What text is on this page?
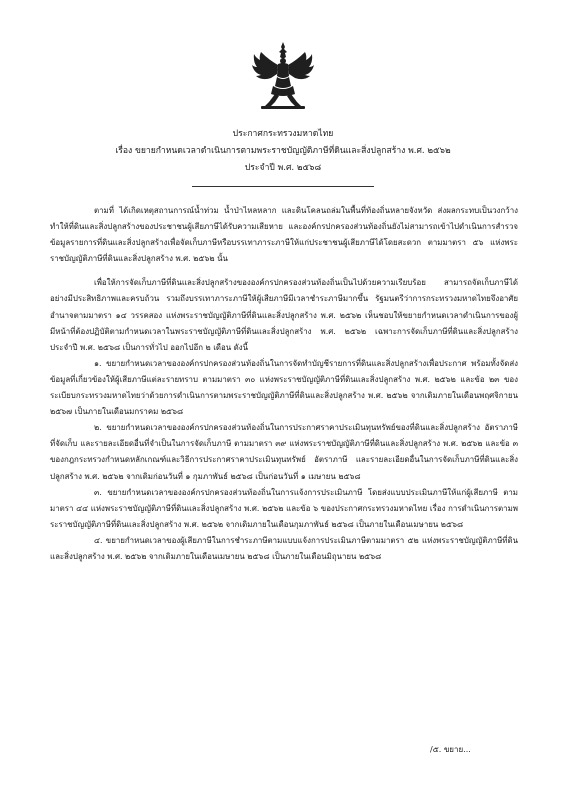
ประกาศกระทรวงมหาดไทย
เรื่อง ขยายกำหนดเวลาดำเนินการตามพระราชบัญญัติภาษีที่ดินและสิ่งปลูกสร้าง พ.ศ. ๒๕๖๒
ประจำปี พ.ศ. ๒๕๖๘

ตามที่ ได้เกิดเหตุสถานการณ์น้ำท่วม น้ำป่าไหลหลาก และดินโคลนถล่มในพื้นที่ท้องถิ่นหลายจังหวัด ส่งผลกระทบเป็นวงกว้างทำให้ที่ดินและสิ่งปลูกสร้างของประชาชนผู้เสียภาษีได้รับความเสียหาย และองค์กรปกครองส่วนท้องถิ่นยังไม่สามารถเข้าไปดำเนินการสำรวจข้อมูลรายการที่ดินและสิ่งปลูกสร้างเพื่อจัดเก็บภาษีหรือบรรเทาภาระภาษีให้แก่ประชาชนผู้เสียภาษีได้โดยสะดวก ตามมาตรา ๕๖ แห่งพระราชบัญญัติภาษีที่ดินและสิ่งปลูกสร้าง พ.ศ. ๒๕๖๒ นั้น

เพื่อให้การจัดเก็บภาษีที่ดินและสิ่งปลูกสร้างขององค์กรปกครองส่วนท้องถิ่นเป็นไปด้วยความเรียบร้อย สามารถจัดเก็บภาษีได้อย่างมีประสิทธิภาพและครบถ้วน รวมถึงบรรเทาภาระภาษีให้ผู้เสียภาษีมีเวลาชำระภาษีมากขึ้น รัฐมนตรีว่าการกระทรวงมหาดไทยจึงอาศัยอำนาจตามมาตรา ๑๔ วรรคสอง แห่งพระราชบัญญัติภาษีที่ดินและสิ่งปลูกสร้าง พ.ศ. ๒๕๖๒ เห็นชอบให้ขยายกำหนดเวลาดำเนินการของผู้มีหน้าที่ต้องปฏิบัติตามกำหนดเวลาในพระราชบัญญัติภาษีที่ดินและสิ่งปลูกสร้าง พ.ศ. ๒๕๖๒ เฉพาะการจัดเก็บภาษีที่ดินและสิ่งปลูกสร้าง ประจำปี พ.ศ. ๒๕๖๘ เป็นการทั่วไป ออกไปอีก ๒ เดือน ดังนี้

๑. ขยายกำหนดเวลาขององค์กรปกครองส่วนท้องถิ่นในการจัดทำบัญชีรายการที่ดินและสิ่งปลูกสร้างเพื่อประกาศ พร้อมทั้งจัดส่งข้อมูลที่เกี่ยวข้องให้ผู้เสียภาษีแต่ละรายทราบ ตามมาตรา ๓๐ แห่งพระราชบัญญัติภาษีที่ดินและสิ่งปลูกสร้าง พ.ศ. ๒๕๖๒ และข้อ ๒๓ ของระเบียบกระทรวงมหาดไทยว่าด้วยการดำเนินการตามพระราชบัญญัติภาษีที่ดินและสิ่งปลูกสร้าง พ.ศ. ๒๕๖๒ จากเดิมภายในเดือนพฤศจิกายน ๒๕๖๗ เป็นภายในเดือนมกราคม ๒๕๖๘

๒. ขยายกำหนดเวลาขององค์กรปกครองส่วนท้องถิ่นในการประกาศราคาประเมินทุนทรัพย์ของที่ดินและสิ่งปลูกสร้าง อัตราภาษีที่จัดเก็บ และรายละเอียดอื่นที่จำเป็นในการจัดเก็บภาษี ตามมาตรา ๓๙ แห่งพระราชบัญญัติภาษีที่ดินและสิ่งปลูกสร้าง พ.ศ. ๒๕๖๒ และข้อ ๓ ของกฎกระทรวงกำหนดหลักเกณฑ์และวิธีการประกาศราคาประเมินทุนทรัพย์ อัตราภาษี และรายละเอียดอื่นในการจัดเก็บภาษีที่ดินและสิ่งปลูกสร้าง พ.ศ. ๒๕๖๒ จากเดิมก่อนวันที่ ๑ กุมภาพันธ์ ๒๕๖๘ เป็นก่อนวันที่ ๑ เมษายน ๒๕๖๘

๓. ขยายกำหนดเวลาขององค์กรปกครองส่วนท้องถิ่นในการแจ้งการประเมินภาษี โดยส่งแบบประเมินภาษีให้แก่ผู้เสียภาษี ตามมาตรา ๔๔ แห่งพระราชบัญญัติภาษีที่ดินและสิ่งปลูกสร้าง พ.ศ. ๒๕๖๒ และข้อ ๖ ของประกาศกระทรวงมหาดไทย เรื่อง การดำเนินการตามพระราชบัญญัติภาษีที่ดินและสิ่งปลูกสร้าง พ.ศ. ๒๕๖๒ จากเดิมภายในเดือนกุมภาพันธ์ ๒๕๖๘ เป็นภายในเดือนเมษายน ๒๕๖๘

๔. ขยายกำหนดเวลาของผู้เสียภาษีในการชำระภาษีตามแบบแจ้งการประเมินภาษีตามมาตรา ๕๒ แห่งพระราชบัญญัติภาษีที่ดินและสิ่งปลูกสร้าง พ.ศ. ๒๕๖๒ จากเดิมภายในเดือนเมษายน ๒๕๖๘ เป็นภายในเดือนมิถุนายน ๒๕๖๘

/๕. ขยาย...
